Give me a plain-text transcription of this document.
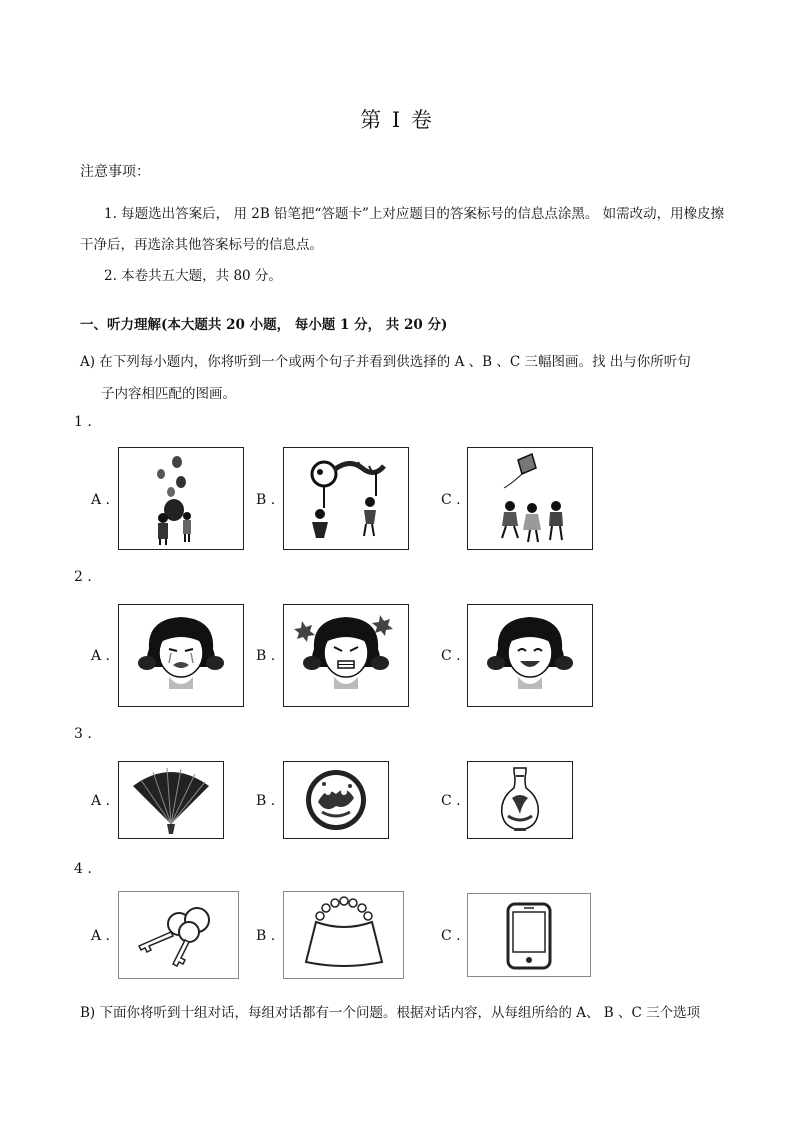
第 I 卷
注意事项：
1. 每题选出答案后， 用 2B 铅笔把“答题卡”上对应题目的答案标号的信息点涂黑。 如需改动，用橡皮擦
干净后，再选涂其他答案标号的信息点。
2. 本卷共五大题，共 80 分。
一、听力理解(本大题共 20 小题， 每小题 1 分， 共 20 分)
A) 在下列每小题内，你将听到一个或两个句子并看到供选择的 A 、B 、C 三幅图画。找 出与你所听句
子内容相匹配的图画。
1 .
A .	B .	C .
2 .
A .	B .	C .
3 .
A .	B .	C .
4 .
A .	B .	C .
B) 下面你将听到十组对话，每组对话都有一个问题。根据对话内容，从每组所给的 A、 B 、C 三个选项
